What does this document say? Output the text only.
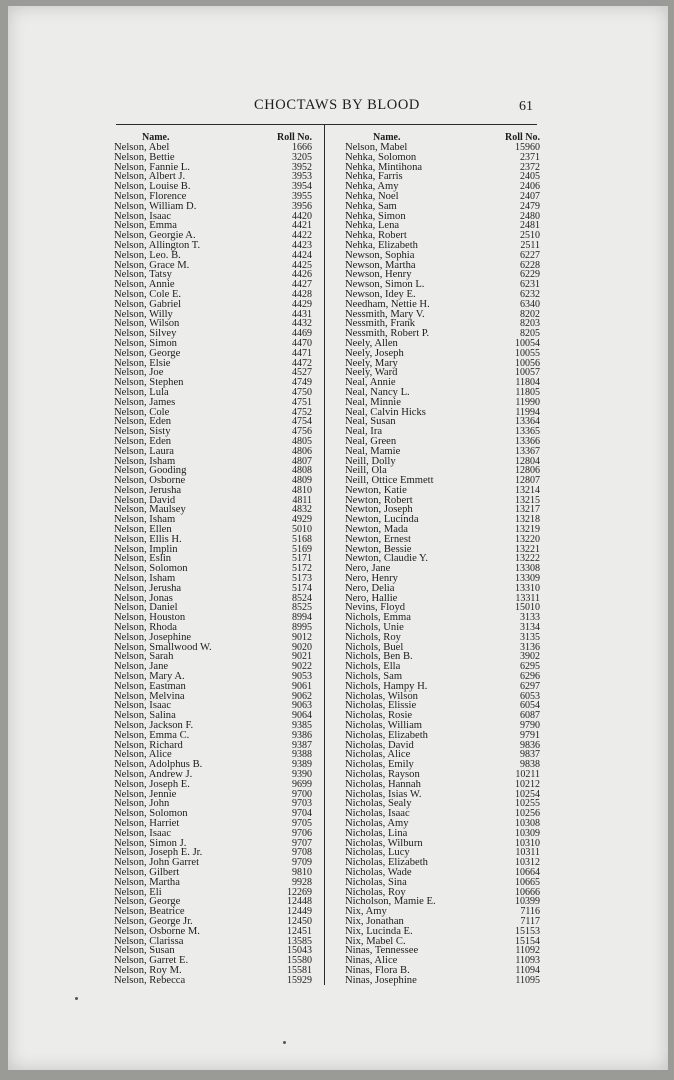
CHOCTAWS BY BLOOD	61
Name.	Roll No.
Nelson, Abel	1666
Nelson, Bettie	3205
Nelson, Fannie L.	3952
Nelson, Albert J.	3953
Nelson, Louise B.	3954
Nelson, Florence	3955
Nelson, William D.	3956
Nelson, Isaac	4420
Nelson, Emma	4421
Nelson, Georgie A.	4422
Nelson, Allington T.	4423
Nelson, Leo. B.	4424
Nelson, Grace M.	4425
Nelson, Tatsy	4426
Nelson, Annie	4427
Nelson, Cole E.	4428
Nelson, Gabriel	4429
Nelson, Willy	4431
Nelson, Wilson	4432
Nelson, Silvey	4469
Nelson, Simon	4470
Nelson, George	4471
Nelson, Elsie	4472
Nelson, Joe	4527
Nelson, Stephen	4749
Nelson, Lula	4750
Nelson, James	4751
Nelson, Cole	4752
Nelson, Eden	4754
Nelson, Sisty	4756
Nelson, Eden	4805
Nelson, Laura	4806
Nelson, Isham	4807
Nelson, Gooding	4808
Nelson, Osborne	4809
Nelson, Jerusha	4810
Nelson, David	4811
Nelson, Maulsey	4832
Nelson, Isham	4929
Nelson, Ellen	5010
Nelson, Ellis H.	5168
Nelson, Implin	5169
Nelson, Eslin	5171
Nelson, Solomon	5172
Nelson, Isham	5173
Nelson, Jerusha	5174
Nelson, Jonas	8524
Nelson, Daniel	8525
Nelson, Houston	8994
Nelson, Rhoda	8995
Nelson, Josephine	9012
Nelson, Smallwood W.	9020
Nelson, Sarah	9021
Nelson, Jane	9022
Nelson, Mary A.	9053
Nelson, Eastman	9061
Nelson, Melvina	9062
Nelson, Isaac	9063
Nelson, Salina	9064
Nelson, Jackson F.	9385
Nelson, Emma C.	9386
Nelson, Richard	9387
Nelson, Alice	9388
Nelson, Adolphus B.	9389
Nelson, Andrew J.	9390
Nelson, Joseph E.	9699
Nelson, Jennie	9700
Nelson, John	9703
Nelson, Solomon	9704
Nelson, Harriet	9705
Nelson, Isaac	9706
Nelson, Simon J.	9707
Nelson, Joseph E. Jr.	9708
Nelson, John Garret	9709
Nelson, Gilbert	9810
Nelson, Martha	9928
Nelson, Eli	12269
Nelson, George	12448
Nelson, Beatrice	12449
Nelson, George Jr.	12450
Nelson, Osborne M.	12451
Nelson, Clarissa	13585
Nelson, Susan	15043
Nelson, Garret E.	15580
Nelson, Roy M.	15581
Nelson, Rebecca	15929
Name.	Roll No.
Nelson, Mabel	15960
Nehka, Solomon	2371
Nehka, Mintihona	2372
Nehka, Farris	2405
Nehka, Amy	2406
Nehka, Noel	2407
Nehka, Sam	2479
Nehka, Simon	2480
Nehka, Lena	2481
Nehka, Robert	2510
Nehka, Elizabeth	2511
Newson, Sophia	6227
Newson, Martha	6228
Newson, Henry	6229
Newson, Simon L.	6231
Newson, Idey E.	6232
Needham, Nettie H.	6340
Nessmith, Mary V.	8202
Nessmith, Frank	8203
Nessmith, Robert P.	8205
Neely, Allen	10054
Neely, Joseph	10055
Neely, Mary	10056
Neely, Ward	10057
Neal, Annie	11804
Neal, Nancy L.	11805
Neal, Minnie	11990
Neal, Calvin Hicks	11994
Neal, Susan	13364
Neal, Ira	13365
Neal, Green	13366
Neal, Mamie	13367
Neill, Dolly	12804
Neill, Ola	12806
Neill, Ottice Emmett	12807
Newton, Katie	13214
Newton, Robert	13215
Newton, Joseph	13217
Newton, Lucinda	13218
Newton, Mada	13219
Newton, Ernest	13220
Newton, Bessie	13221
Newton, Claudie Y.	13222
Nero, Jane	13308
Nero, Henry	13309
Nero, Delia	13310
Nero, Hallie	13311
Nevins, Floyd	15010
Nichols, Emma	3133
Nichols, Unie	3134
Nichols, Roy	3135
Nichols, Buel	3136
Nichols, Ben B.	3902
Nichols, Ella	6295
Nichols, Sam	6296
Nichols, Hampy H.	6297
Nicholas, Wilson	6053
Nicholas, Elissie	6054
Nicholas, Rosie	6087
Nicholas, William	9790
Nicholas, Elizabeth	9791
Nicholas, David	9836
Nicholas, Alice	9837
Nicholas, Emily	9838
Nicholas, Rayson	10211
Nicholas, Hannah	10212
Nicholas, Isias W.	10254
Nicholas, Sealy	10255
Nicholas, Isaac	10256
Nicholas, Amy	10308
Nicholas, Lina	10309
Nicholas, Wilburn	10310
Nicholas, Lucy	10311
Nicholas, Elizabeth	10312
Nicholas, Wade	10664
Nicholas, Sina	10665
Nicholas, Roy	10666
Nicholson, Mamie E.	10399
Nix, Amy	7116
Nix, Jonathan	7117
Nix, Lucinda E.	15153
Nix, Mabel C.	15154
Ninas, Tennessee	11092
Ninas, Alice	11093
Ninas, Flora B.	11094
Ninas, Josephine	11095
